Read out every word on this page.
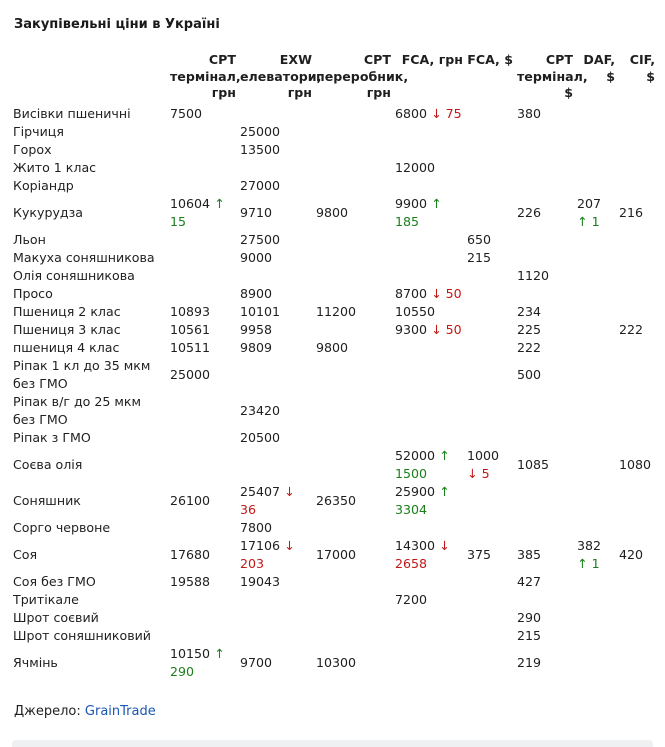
Закупівельні ціни в Україні
	CPT термінал, грн	EXW елеватори, грн	CPT переробник, грн	FCA, грн	FCA, $	CPT термінал, $	DAF, $	CIF, $
Висівки пшеничні	7500			6800 ↓ 75		380		
Гірчиця		25000						
Горох		13500						
Жито 1 клас				12000				
Коріандр		27000						
Кукурудза	10604 ↑ 15	9710	9800	9900 ↑ 185		226	207 ↑ 1	216
Льон		27500			650			
Макуха соняшникова		9000			215			
Олія соняшникова						1120		
Просо		8900		8700 ↓ 50				
Пшениця 2 клас	10893	10101	11200	10550		234		
Пшениця 3 клас	10561	9958		9300 ↓ 50		225		222
пшениця 4 клас	10511	9809	9800			222		
Ріпак 1 кл до 35 мкм без ГМО	25000					500		
Ріпак в/г до 25 мкм без ГМО		23420						
Ріпак з ГМО		20500						
Соєва олія				52000 ↑ 1500	1000 ↓ 5	1085		1080
Соняшник	26100	25407 ↓ 36	26350	25900 ↑ 3304				
Сорго червоне		7800						
Соя	17680	17106 ↓ 203	17000	14300 ↓ 2658	375	385	382 ↑ 1	420
Соя без ГМО	19588	19043				427		
Тритікале				7200				
Шрот соєвий						290		
Шрот соняшниковий						215		
Ячмінь	10150 ↑ 290	9700	10300			219		
Джерело: GrainTrade
